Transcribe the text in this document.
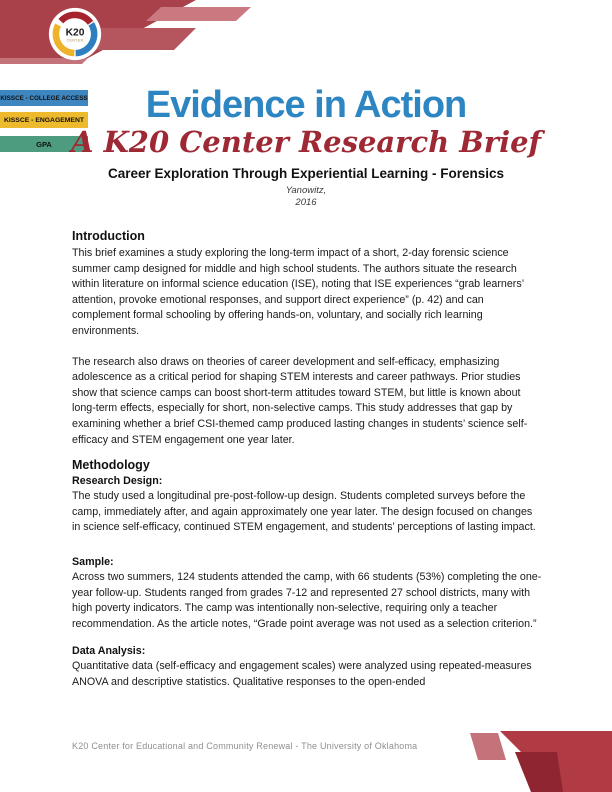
K20
CENTER
KISSCE - COLLEGE ACCESS
KISSCE - ENGAGEMENT
GPA
Evidence in Action
A K20 Center Research Brief
Career Exploration Through Experiential Learning - Forensics
Yanowitz,
2016
Introduction

This brief examines a study exploring the long-term impact of a short, 2-day forensic science summer camp designed for middle and high school students. The authors situate the research within literature on informal science education (ISE), noting that ISE experiences “grab learners’ attention, provoke emotional responses, and support direct experience” (p. 42) and can complement formal schooling by offering hands-on, voluntary, and socially rich learning environments.

The research also draws on theories of career development and self-efficacy, emphasizing adolescence as a critical period for shaping STEM interests and career pathways. Prior studies show that science camps can boost short-term attitudes toward STEM, but little is known about long-term effects, especially for short, non-selective camps. This study addresses that gap by examining whether a brief CSI-themed camp produced lasting changes in students’ science self-efficacy and STEM engagement one year later.

Methodology
Research Design:

The study used a longitudinal pre-post-follow-up design. Students completed surveys before the camp, immediately after, and again approximately one year later. The design focused on changes in science self-efficacy, continued STEM engagement, and students’ perceptions of lasting impact.

Sample:

Across two summers, 124 students attended the camp, with 66 students (53%) completing the one-year follow-up. Students ranged from grades 7-12 and represented 27 school districts, many with high poverty indicators. The camp was intentionally non-selective, requiring only a teacher recommendation. As the article notes, “Grade point average was not used as a selection criterion.”

Data Analysis:

Quantitative data (self-efficacy and engagement scales) were analyzed using repeated-measures ANOVA and descriptive statistics. Qualitative responses to the open-ended

K20 Center for Educational and Community Renewal - The University of Oklahoma
